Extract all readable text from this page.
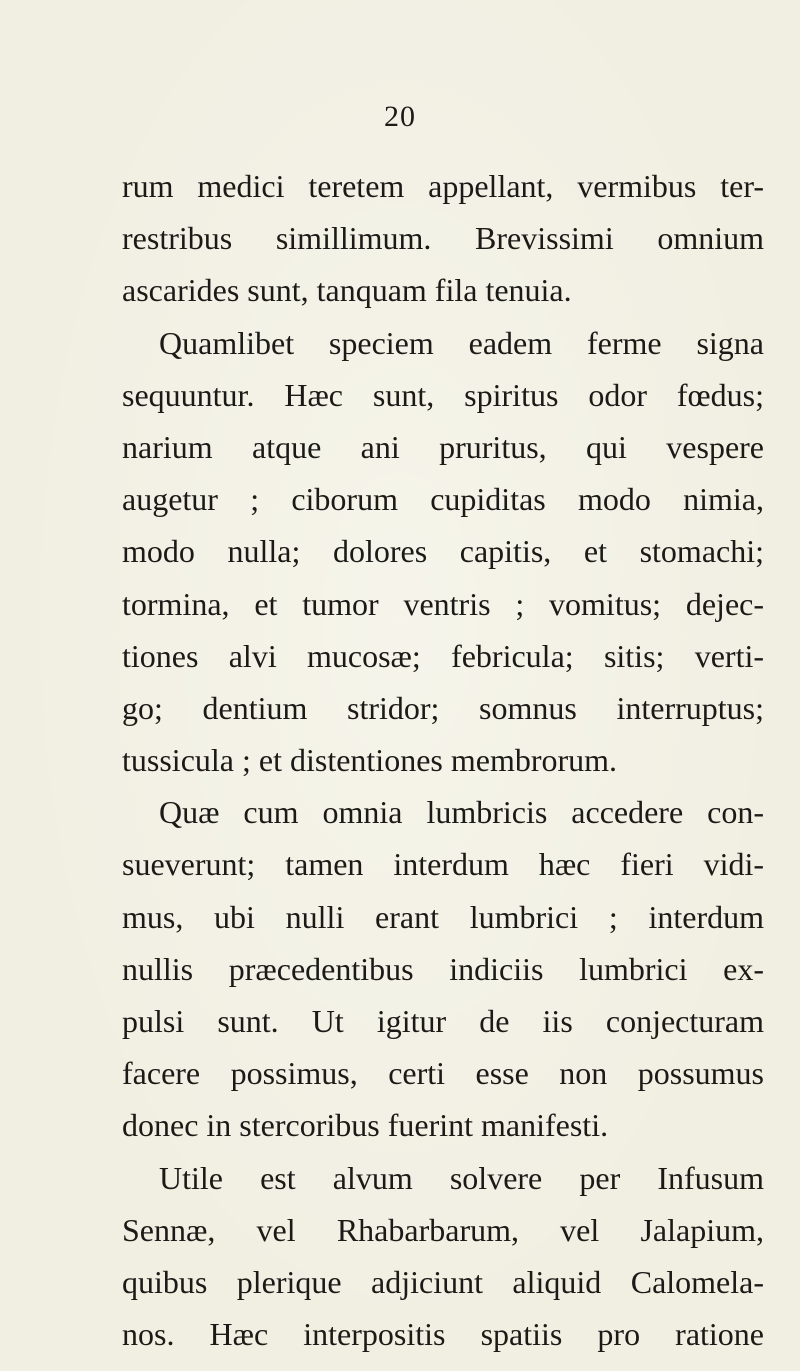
20
rum medici teretem appellant, vermibus ter-
restribus simillimum. Brevissimi omnium
ascarides sunt, tanquam fila tenuia.
Quamlibet speciem eadem ferme signa
sequuntur. Hæc sunt, spiritus odor fœdus;
narium atque ani pruritus, qui vespere
augetur ; ciborum cupiditas modo nimia,
modo nulla; dolores capitis, et stomachi;
tormina, et tumor ventris ; vomitus; dejec-
tiones alvi mucosæ; febricula; sitis; verti-
go; dentium stridor; somnus interruptus;
tussicula ; et distentiones membrorum.
Quæ cum omnia lumbricis accedere con-
sueverunt; tamen interdum hæc fieri vidi-
mus, ubi nulli erant lumbrici ; interdum
nullis præcedentibus indiciis lumbrici ex-
pulsi sunt. Ut igitur de iis conjecturam
facere possimus, certi esse non possumus
donec in stercoribus fuerint manifesti.
Utile est alvum solvere per Infusum
Sennæ, vel Rhabarbarum, vel Jalapium,
quibus plerique adjiciunt aliquid Calomela-
nos. Hæc interpositis spatiis pro ratione
